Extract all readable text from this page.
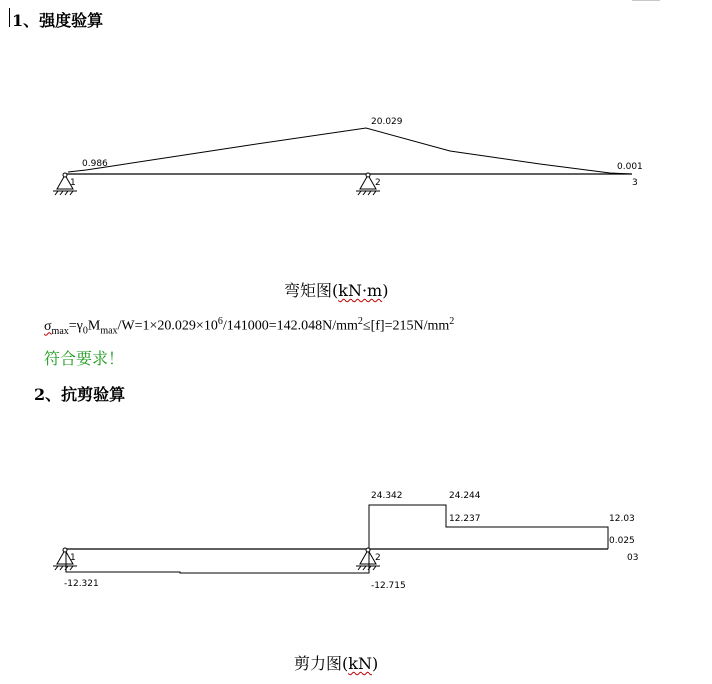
1、强度验算
0.986
20.029
0.001
1	2	3
24.342	24.244
12.237	12.03
0.025
-12.321	-12.715
1	2	03
弯矩图(kN·m)
$\sigma_{max}=\gamma_0M_{max}/W=1\times 20.029\times 10^6/141000=142.048N/mm^2\le[f]=215N/mm^2$
符合要求！
2、抗剪验算
剪力图(kN)
